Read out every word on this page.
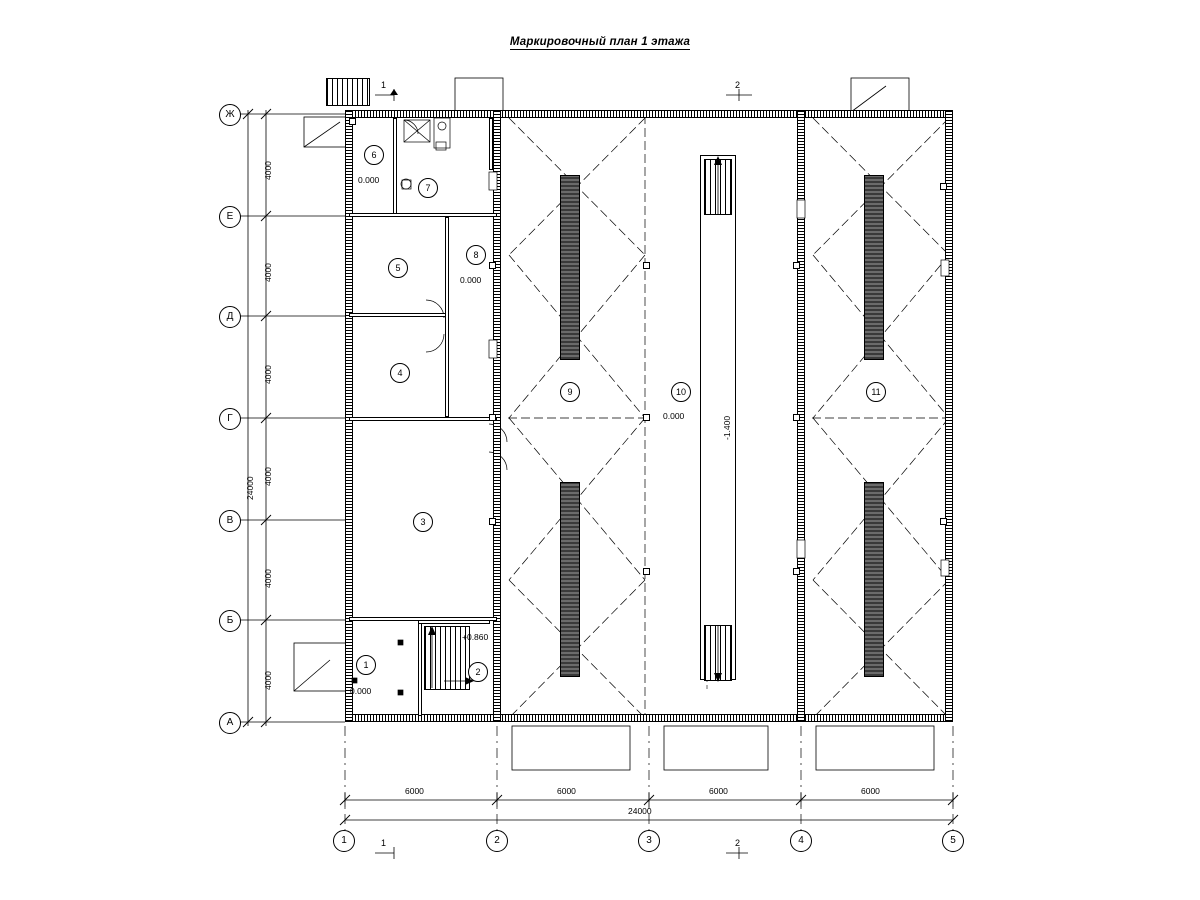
Маркировочный план 1 этажа
Ж
Е
Д
Г
В
Б
А
1	2	3	4	5
6
0.000
7
8
0.000
5
4
3
1
0.000
2
+0.860
9	10
0.000
11
-1.400
4000
4000
4000
4000
4000
4000
24000
6000	6000	6000	6000
24000
1	2
1	2
